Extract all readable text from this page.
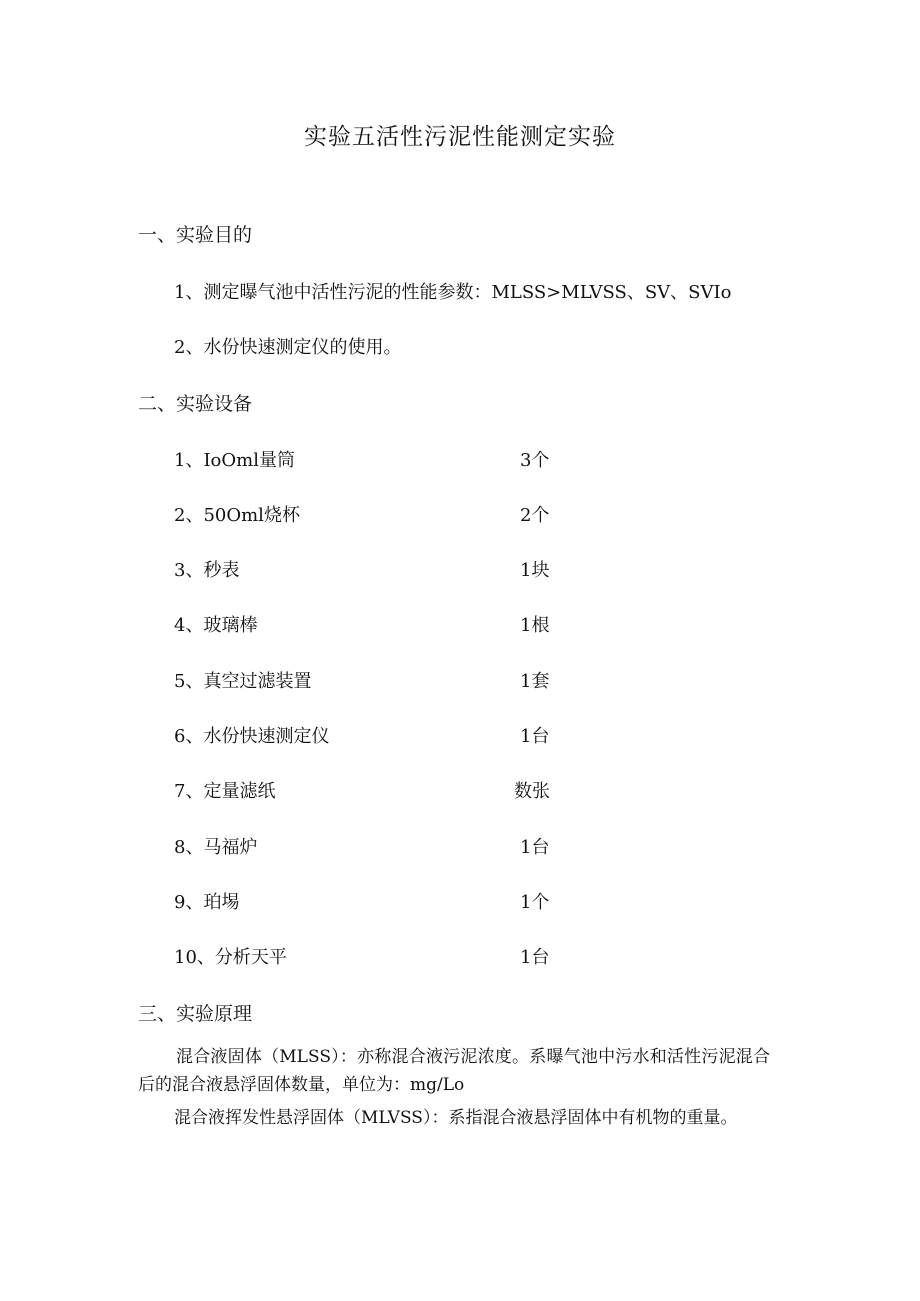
实验五活性污泥性能测定实验
一、实验目的
1、测定曝气池中活性污泥的性能参数：MLSS>MLVSS、SV、SVIo
2、水份快速测定仪的使用。
二、实验设备
1、IoOml量筒	3个
2、50Oml烧杯	2个
3、秒表	1块
4、玻璃棒	1根
5、真空过滤装置	1套
6、水份快速测定仪	1台
7、定量滤纸	数张
8、马福炉	1台
9、珀埸	1个
10、分析天平	1台
三、实验原理
混合液固体（MLSS）：亦称混合液污泥浓度。系曝气池中污水和活性污泥混合后的混合液悬浮固体数量，单位为：mg/Lo
混合液挥发性悬浮固体（MLVSS）：系指混合液悬浮固体中有机物的重量。
